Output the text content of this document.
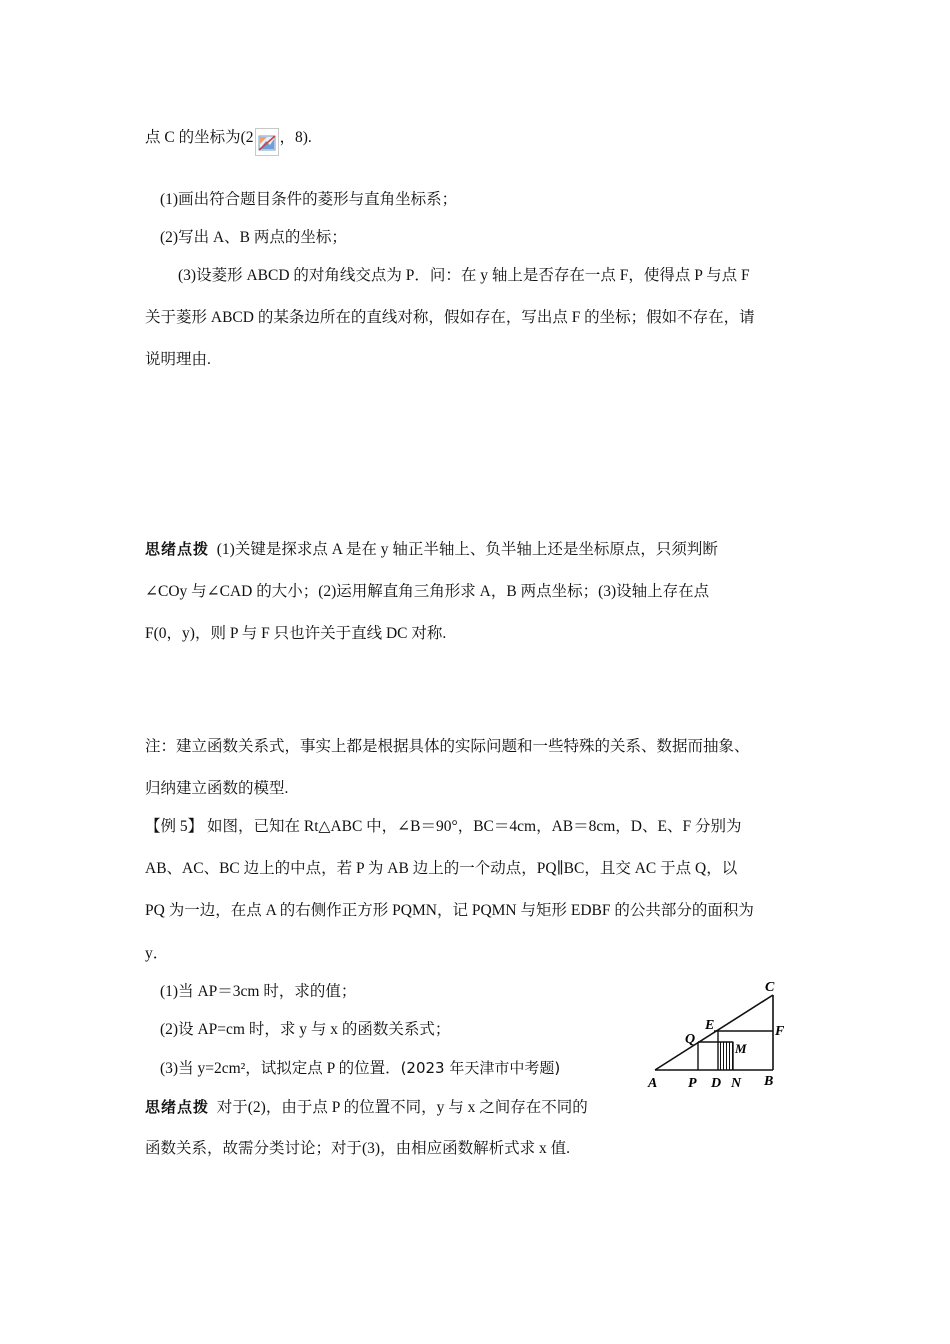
点 C 的坐标为(2 ，8).
(1)画出符合题目条件的菱形与直角坐标系；
(2)写出 A、B 两点的坐标；
(3)设菱形 ABCD 的对角线交点为 P．问：在 y 轴上是否存在一点 F，使得点 P 与点 F
关于菱形 ABCD 的某条边所在的直线对称，假如存在，写出点 F 的坐标；假如不存在，请
说明理由.
思绪点拨 (1)关键是探求点 A 是在 y 轴正半轴上、负半轴上还是坐标原点，只须判断
∠COy 与∠CAD 的大小；(2)运用解直角三角形求 A，B 两点坐标；(3)设轴上存在点
F(0，y)，则 P 与 F 只也许关于直线 DC 对称.
注：建立函数关系式，事实上都是根据具体的实际问题和一些特殊的关系、数据而抽象、
归纳建立函数的模型.
【例 5】 如图，已知在 Rt△ABC 中，∠B＝90°，BC＝4cm，AB＝8cm，D、E、F 分别为
AB、AC、BC 边上的中点，若 P 为 AB 边上的一个动点，PQ∥BC，且交 AC 于点 Q，以
PQ 为一边，在点 A 的右侧作正方形 PQMN，记 PQMN 与矩形 EDBF 的公共部分的面积为
y．
(1)当 AP＝3cm 时，求的值；
(2)设 AP=cm 时，求 y 与 x 的函数关系式；
(3)当 y=2cm²，试拟定点 P 的位置．(2023 年天津市中考题)
思绪点拨 对于(2)，由于点 P 的位置不同，y 与 x 之间存在不同的
函数关系，故需分类讨论；对于(3)，由相应函数解析式求 x 值.
A P D N B
C
E	F
Q
M
